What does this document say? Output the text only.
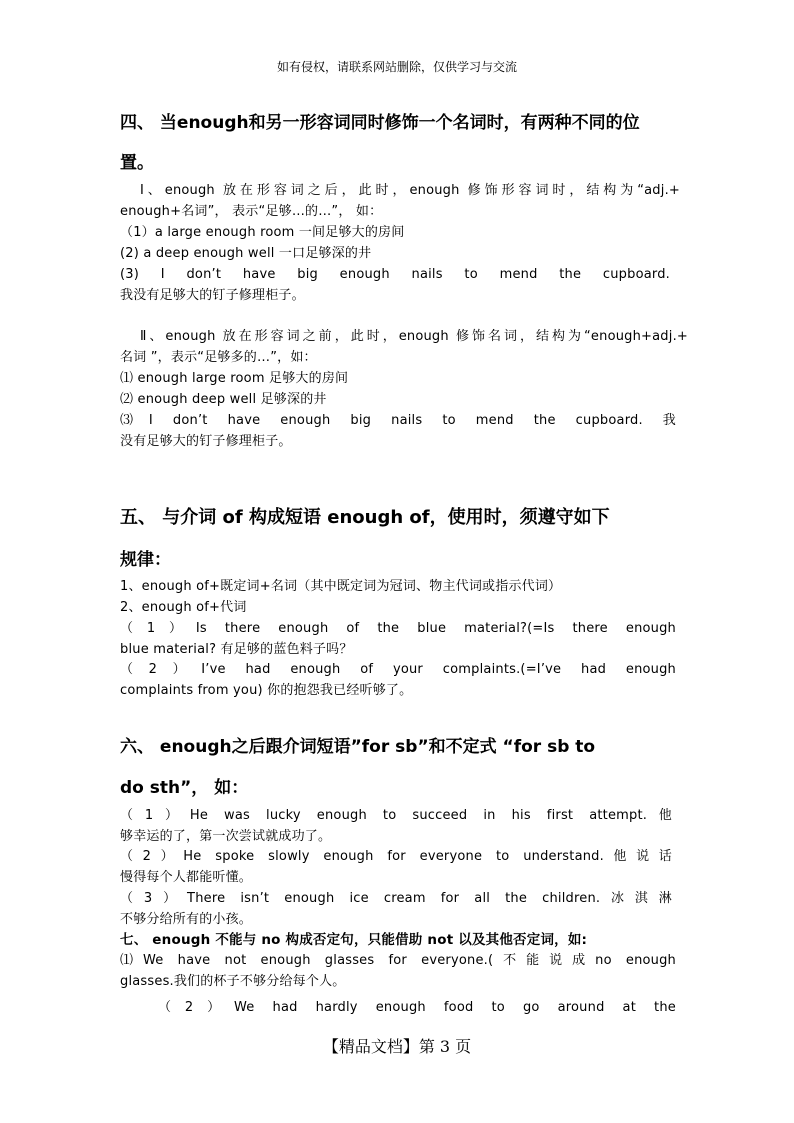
如有侵权，请联系网站删除，仅供学习与交流
四、 当enough和另一形容词同时修饰一个名词时，有两种不同的位
置。
Ⅰ、enough 放在形容词之后，此时，enough 修饰形容词时，结构为“adj.+
enough+名词”， 表示“足够…的…”， 如：
（1）a large enough room 一间足够大的房间
(2) a deep enough well 一口足够深的井
(3) I don’t have big enough nails to mend the cupboard.
我没有足够大的钉子修理柜子。
Ⅱ、enough 放在形容词之前，此时，enough 修饰名词，结构为“enough+adj.+
名词 ”，表示“足够多的…”，如：
⑴ enough large room 足够大的房间
⑵ enough deep well 足够深的井
⑶I don’t have enough big nails to mend the cupboard. 我
没有足够大的钉子修理柜子。
五、 与介词 of 构成短语 enough of，使用时，须遵守如下
规律：
1、enough of+既定词+名词（其中既定词为冠词、物主代词或指示代词）
2、enough of+代词
（1）Is there enough of the blue material?(=Is there enough
blue material? 有足够的蓝色料子吗？
（2）I’ve had enough of your complaints.(=I’ve had enough
complaints from you) 你的抱怨我已经听够了。
六、 enough之后跟介词短语”for sb”和不定式 “for sb to
do sth”， 如：
（1）He was lucky enough to succeed in his first attempt.他
够幸运的了，第一次尝试就成功了。
（2）He spoke slowly enough for everyone to understand.他说话
慢得每个人都能听懂。
（3）There isn’t enough ice cream for all the children.冰淇淋
不够分给所有的小孩。
七、 enough 不能与 no 构成否定句，只能借助 not 以及其他否定词，如:
⑴We have not enough glasses for everyone.(不能说成no enough
glasses.我们的杯子不够分给每个人。
（2）We had hardly enough food to go around at the
【精品文档】第 3 页
